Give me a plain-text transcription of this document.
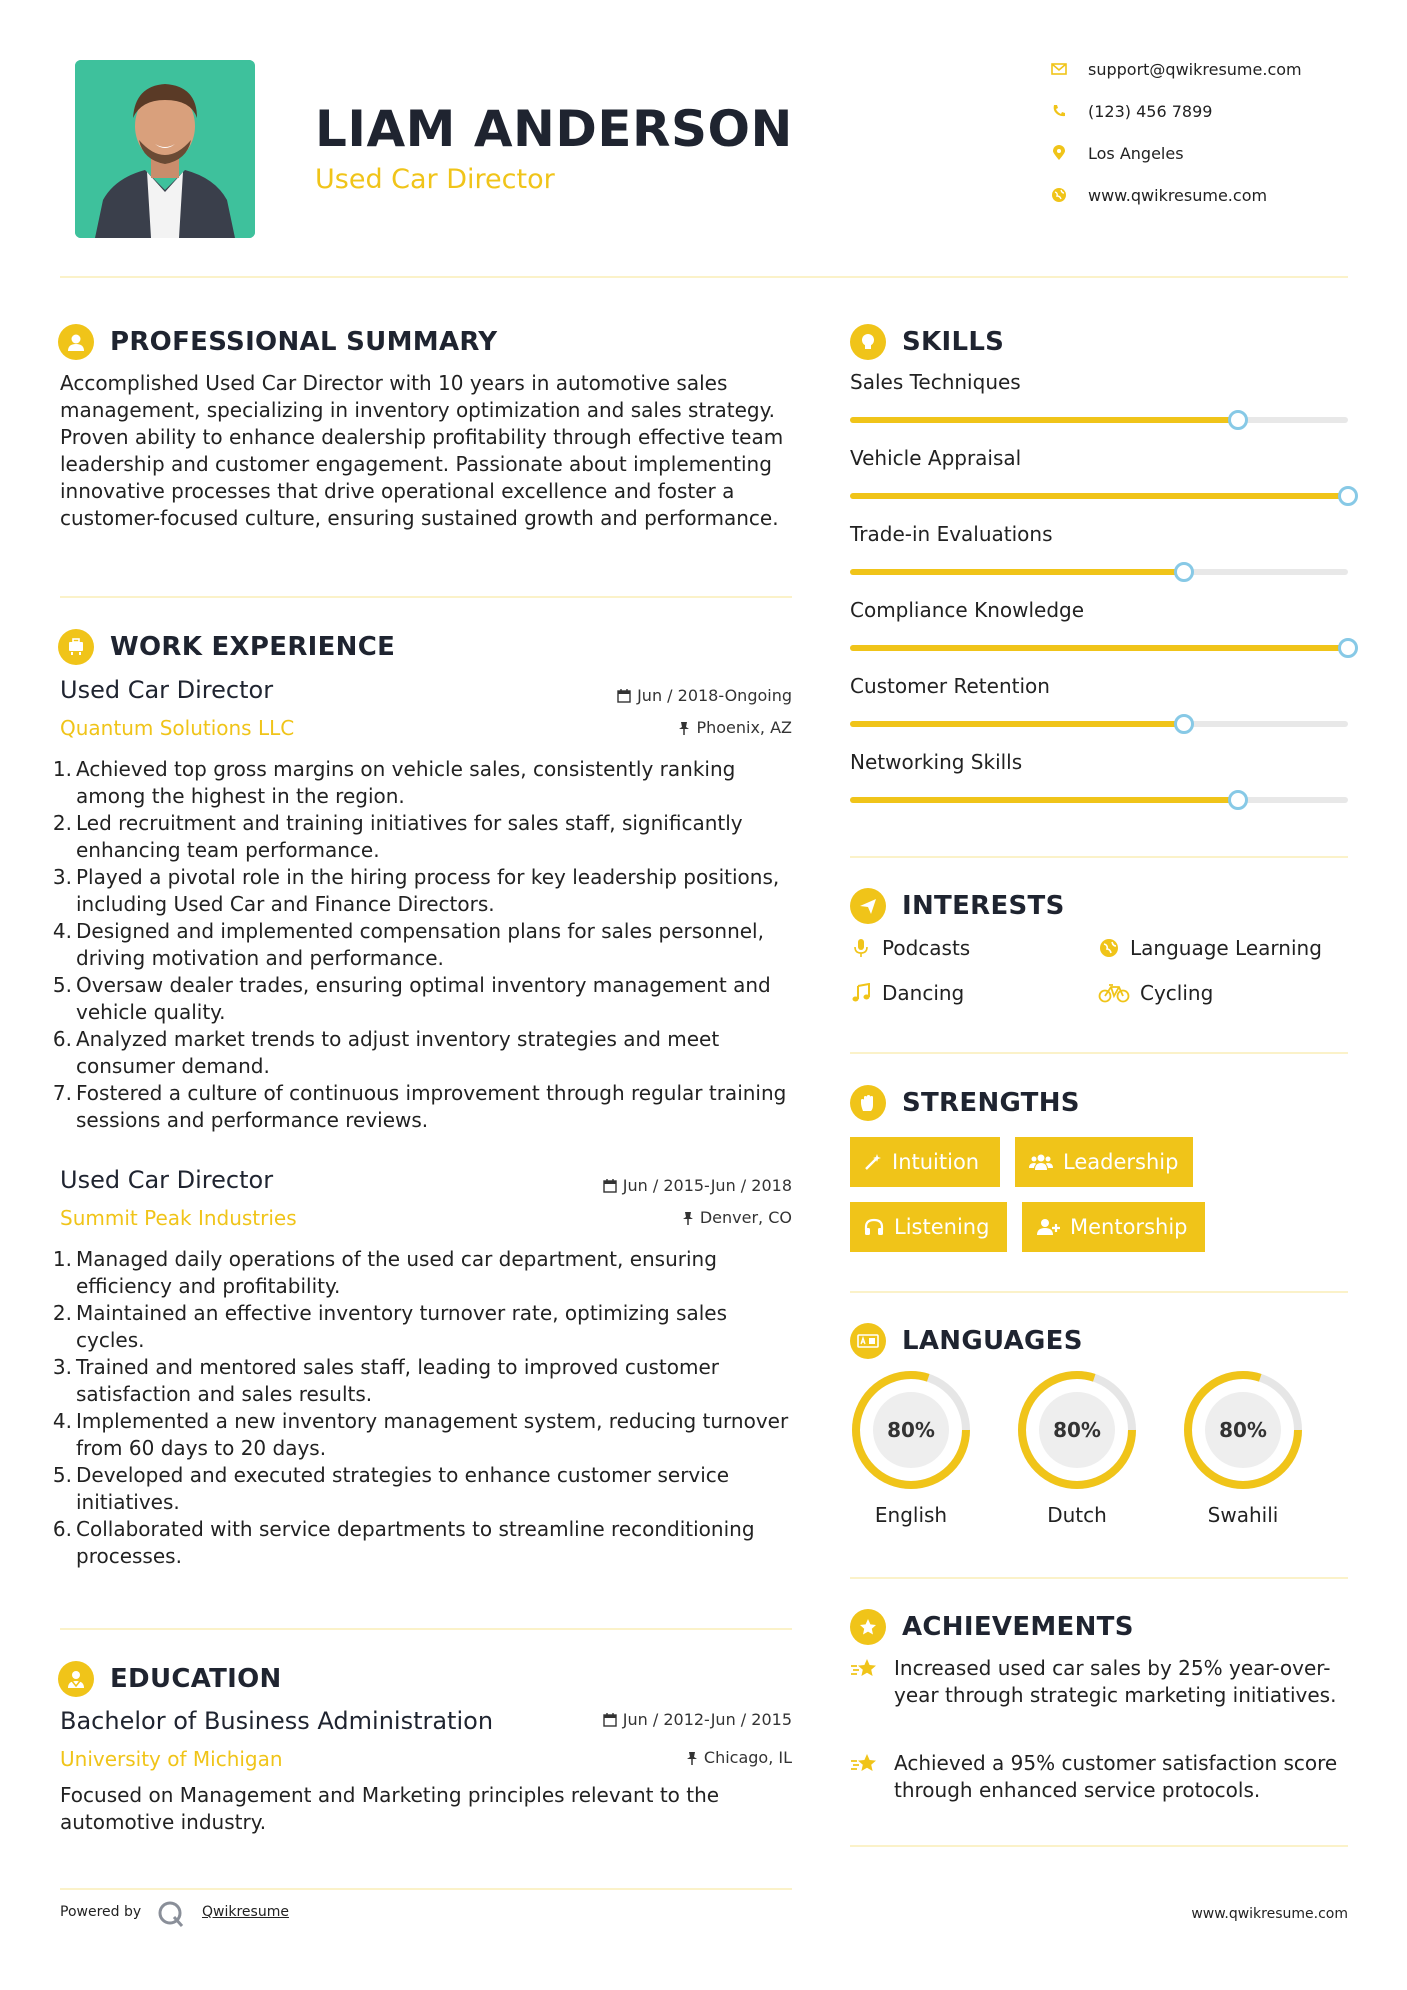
LIAM ANDERSON
Used Car Director
support@qwikresume.com
(123) 456 7899
Los Angeles
www.qwikresume.com
PROFESSIONAL SUMMARY
Accomplished Used Car Director with 10 years in automotive sales management, specializing in inventory optimization and sales strategy. Proven ability to enhance dealership profitability through effective team leadership and customer engagement. Passionate about implementing innovative processes that drive operational excellence and foster a customer-focused culture, ensuring sustained growth and performance.
WORK EXPERIENCE
Used Car Director
Quantum Solutions LLC
Jun / 2018-Ongoing
Phoenix, AZ
1. Achieved top gross margins on vehicle sales, consistently ranking among the highest in the region.
2. Led recruitment and training initiatives for sales staff, significantly enhancing team performance.
3. Played a pivotal role in the hiring process for key leadership positions, including Used Car and Finance Directors.
4. Designed and implemented compensation plans for sales personnel, driving motivation and performance.
5. Oversaw dealer trades, ensuring optimal inventory management and vehicle quality.
6. Analyzed market trends to adjust inventory strategies and meet consumer demand.
7. Fostered a culture of continuous improvement through regular training sessions and performance reviews.
Used Car Director
Summit Peak Industries
Jun / 2015-Jun / 2018
Denver, CO
1. Managed daily operations of the used car department, ensuring efficiency and profitability.
2. Maintained an effective inventory turnover rate, optimizing sales cycles.
3. Trained and mentored sales staff, leading to improved customer satisfaction and sales results.
4. Implemented a new inventory management system, reducing turnover from 60 days to 20 days.
5. Developed and executed strategies to enhance customer service initiatives.
6. Collaborated with service departments to streamline reconditioning processes.
EDUCATION
Bachelor of Business Administration
University of Michigan
Jun / 2012-Jun / 2015
Chicago, IL
Focused on Management and Marketing principles relevant to the automotive industry.
SKILLS
Sales Techniques
Vehicle Appraisal
Trade-in Evaluations
Compliance Knowledge
Customer Retention
Networking Skills
INTERESTS
Podcasts	Language Learning
Dancing	Cycling
STRENGTHS
Intuition	Leadership
Listening	Mentorship
LANGUAGES
80%
English
80%
Dutch
80%
Swahili
ACHIEVEMENTS
Increased used car sales by 25% year-over-year through strategic marketing initiatives.
Achieved a 95% customer satisfaction score through enhanced service protocols.
Powered by	Qwikresume	www.qwikresume.com
